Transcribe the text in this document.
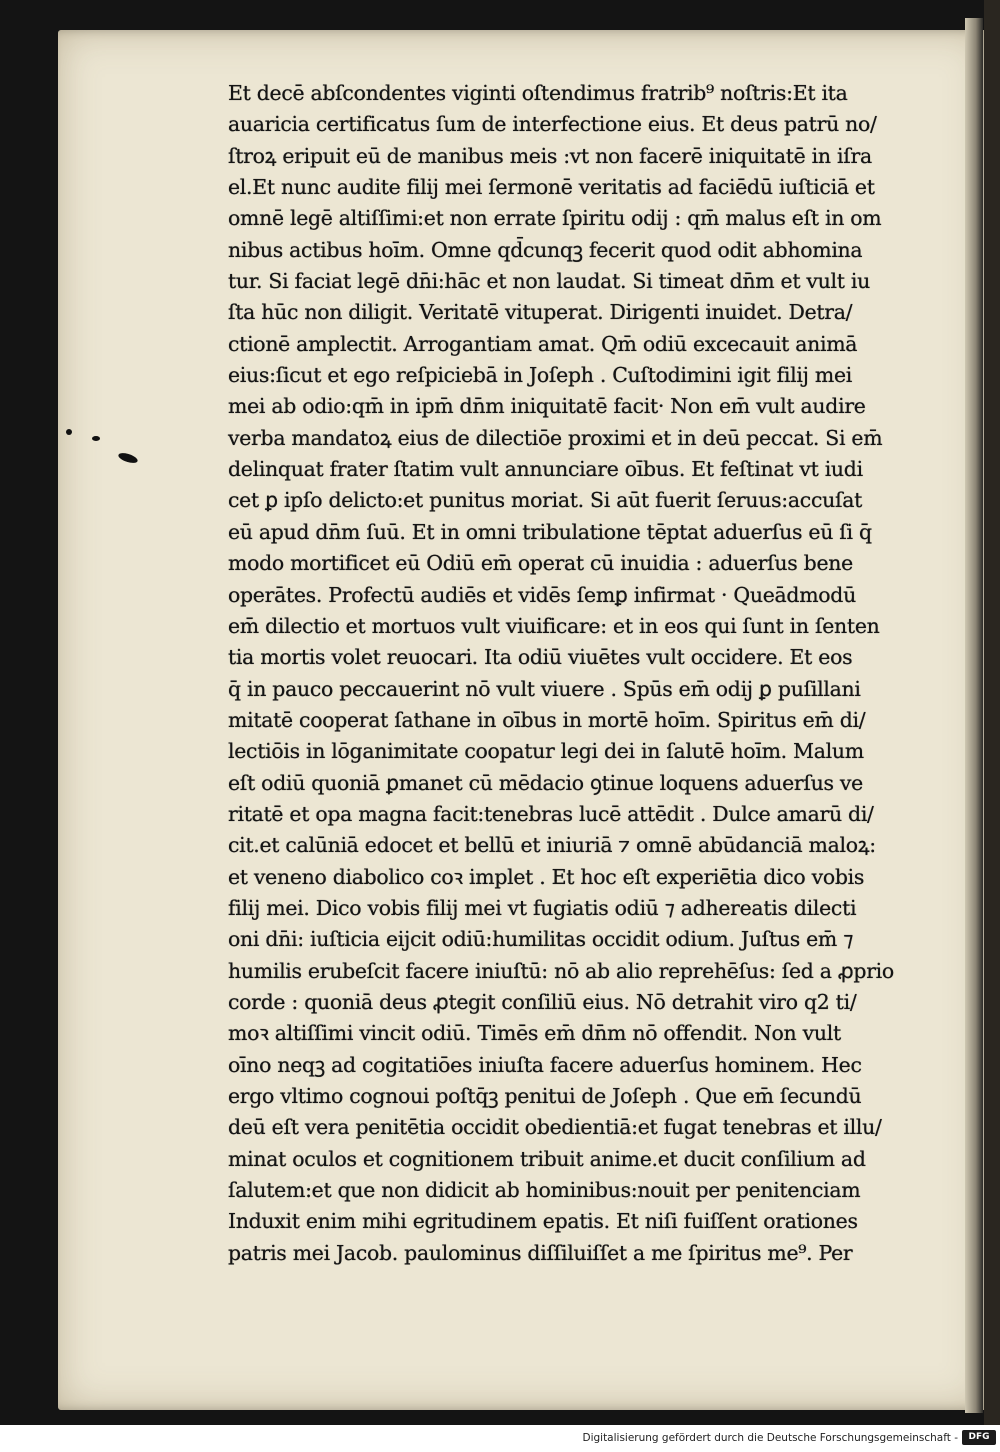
Et decē abſcondentes viginti oſtendimus fratrib⁹ noſtris:Et ita
auaricia certificatus ſum de interfectione eius. Et deus patrū no/
ſtroꝝ eripuit eū de manibus meis :vt non facerē iniquitatē in iſra
el.Et nunc audite filij mei ſermonē veritatis ad faciēdū iuſticiā et
omnē legē altiſſimi:et non errate ſpiritu odij : qm̄ malus eſt in om
nibus actibus hoīm. Omne qd̄cunqꝫ fecerit quod odit abhomina
tur. Si faciat legē dn̄i:hāc et non laudat. Si timeat dn̄m et vult iu
ſta hūc non diligit. Veritatē vituperat. Dirigenti inuidet. Detra/
ctionē amplectit. Arrogantiam amat. Qm̄ odiū excecauit animā
eius:ſicut et ego reſpiciebā in Joſeph . Cuſtodimini igit filij mei
mei ab odio:qm̄ in ipm̄ dn̄m iniquitatē facit· Non em̄ vult audire
verba mandatoꝝ eius de dilectiōe proximi et in deū peccat. Si em̄
delinquat frater ſtatim vult annunciare oībus. Et feſtinat vt iudi
cet ꝑ ipſo delicto:et punitus moriat. Si aūt fuerit ſeruus:accuſat
eū apud dn̄m ſuū. Et in omni tribulatione tēptat aduerſus eū ſi q̄
modo mortificet eū Odiū em̄ operat cū inuidia : aduerſus bene
operātes. Profectū audiēs et vidēs ſemꝑ infirmat · Queādmodū
em̄ dilectio et mortuos vult viuificare: et in eos qui ſunt in ſenten
tia mortis volet reuocari. Ita odiū viuētes vult occidere. Et eos
q̄ in pauco peccauerint nō vult viuere . Spūs em̄ odij ꝑ puſillani
mitatē cooperat ſathane in oībus in mortē hoīm. Spiritus em̄ di/
lectiōis in lōganimitate coopatur legi dei in ſalutē hoīm. Malum
eſt odiū quoniā ꝑmanet cū mēdacio ꝯtinue loquens aduerſus ve
ritatē et opa magna facit:tenebras lucē attēdit . Dulce amarū di/
cit.et calūniā edocet et bellū et iniuriā ⁊ omnē abūdanciā maloꝝ:
et veneno diabolico coꝛ implet . Et hoc eſt experiētia dico vobis
filij mei. Dico vobis filij mei vt fugiatis odiū ⁊ adhereatis dilecti
oni dn̄i: iuſticia eijcit odiū:humilitas occidit odium. Juſtus em̄ ⁊
humilis erubeſcit facere iniuſtū: nō ab alio reprehēſus: ſed a ꝓprio
corde : quoniā deus ꝓtegit conſiliū eius. Nō detrahit viro q2 ti/
moꝛ altiſſimi vincit odiū. Timēs em̄ dn̄m nō offendit. Non vult
oīno neqꝫ ad cogitatiōes iniuſta facere aduerſus hominem. Hec
ergo vltimo cognoui poſtq̄ꝫ penitui de Joſeph . Que em̄ ſecundū
deū eſt vera penitētia occidit obedientiā:et fugat tenebras et illu/
minat oculos et cognitionem tribuit anime.et ducit conſilium ad
ſalutem:et que non didicit ab hominibus:nouit per penitenciam
Induxit enim mihi egritudinem epatis. Et niſi fuiſſent orationes
patris mei Jacob. paulominus diſſiluiſſet a me ſpiritus me⁹. Per
Digitalisierung gefördert durch die Deutsche Forschungsgemeinschaft -	DFG
